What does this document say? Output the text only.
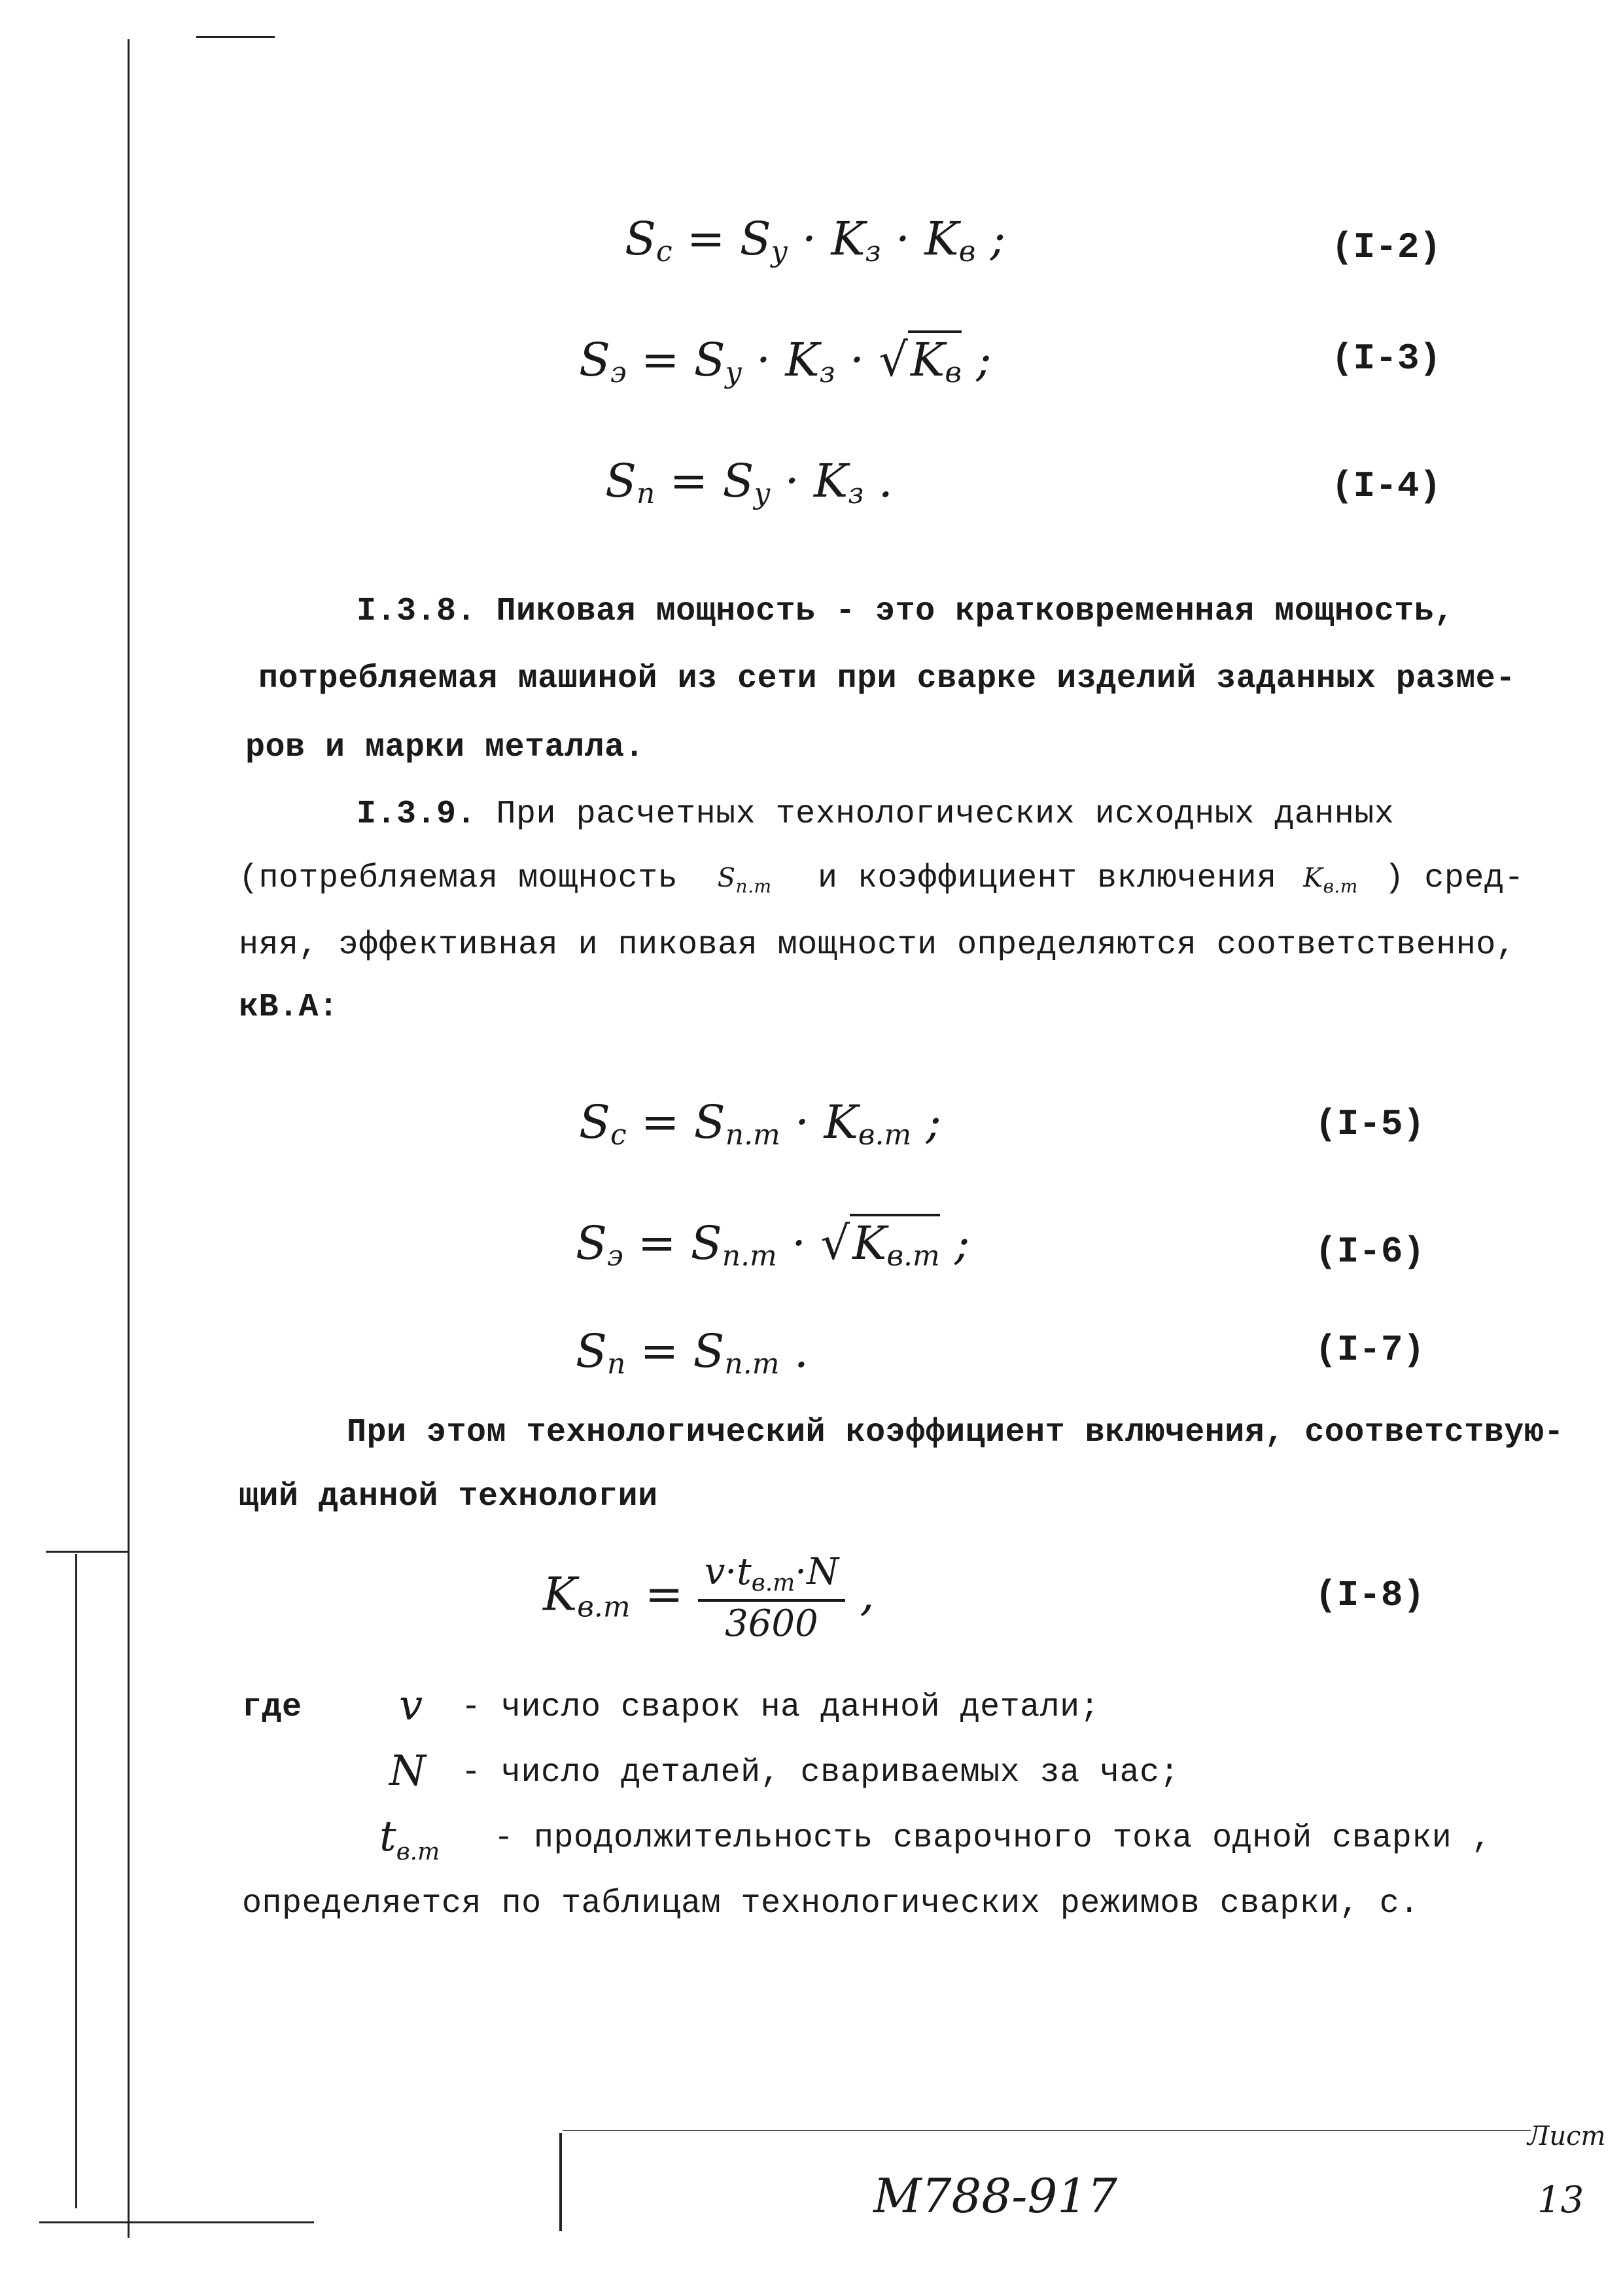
$S_c = S_y \cdot K_з \cdot K_в$ ;	(I-2)
$S_э = S_y \cdot K_з \cdot √K_в$ ;	(I-3)
$S_п = S_y \cdot K_з$ .	(I-4)
I.3.8. Пиковая мощность - это кратковременная мощность,
потребляемая машиной из сети при сварке изделий заданных разме-
ров и марки металла.
I.3.9. При расчетных технологических исходных данных
(потребляемая мощность $S_{п.т}$ и коэффициент включения $K_{в.т}$ ) сред-
няя, эффективная и пиковая мощности определяются соответственно,
кВ.А:
$S_c = S_{п.т} \cdot K_{в.т}$ ;	(I-5)
$S_э = S_{п.т} \cdot √K_{в.т}$ ;	(I-6)
$S_п = S_{п.т}$ .	(I-7)
При этом технологический коэффициент включения, соответствую-
щий данной технологии
$K_{в.т} = \frac{v\cdot t_{в.т}\cdot N}{3600}$ ,	(I-8)
где v - число сварок на данной детали;
N - число деталей, свариваемых за час;
$t_{в.т}$ - продолжительность сварочного тока одной сварки ,
определяется по таблицам технологических режимов сварки, с.
М788-917
Лист
13
